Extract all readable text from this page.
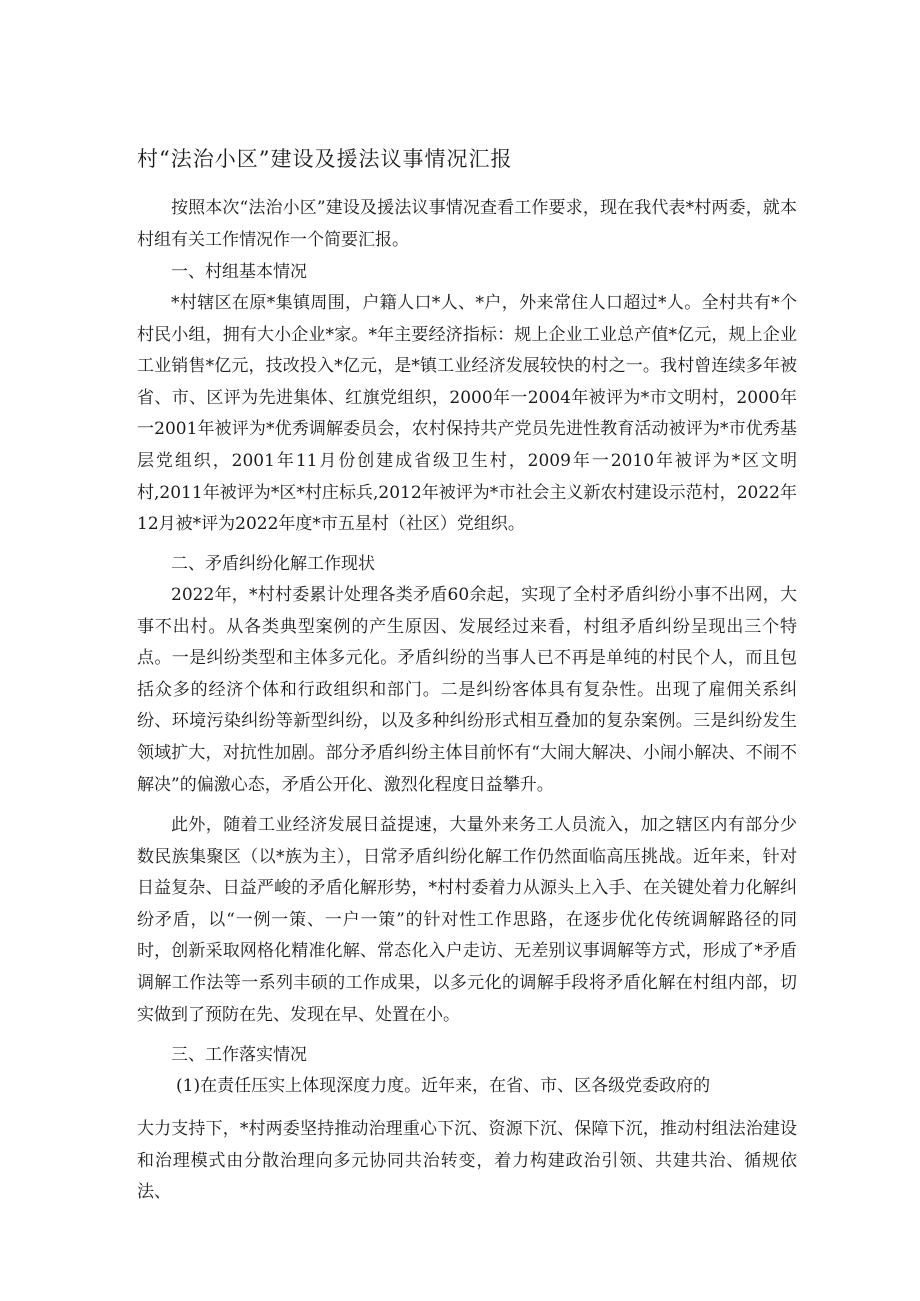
村“法治小区”建设及援法议事情况汇报

按照本次“法治小区”建设及援法议事情况查看工作要求，现在我代表*村两委，就本村组有关工作情况作一个简要汇报。

一、村组基本情况

*村辖区在原*集镇周围，户籍人口*人、*户，外来常住人口超过*人。全村共有*个村民小组，拥有大小企业*家。*年主要经济指标：规上企业工业总产值*亿元，规上企业工业销售*亿元，技改投入*亿元，是*镇工业经济发展较快的村之一。我村曾连续多年被省、市、区评为先进集体、红旗党组织，2000年一2004年被评为*市文明村，2000年一2001年被评为*优秀调解委员会，农村保持共产党员先进性教育活动被评为*市优秀基层党组织，2001年11月份创建成省级卫生村，2009年一2010年被评为*区文明村,2011年被评为*区*村庄标兵,2012年被评为*市社会主义新农村建设示范村，2022年12月被*评为2022年度*市五星村（社区）党组织。

二、矛盾纠纷化解工作现状

2022年，*村村委累计处理各类矛盾60余起，实现了全村矛盾纠纷小事不出网，大事不出村。从各类典型案例的产生原因、发展经过来看，村组矛盾纠纷呈现出三个特点。一是纠纷类型和主体多元化。矛盾纠纷的当事人已不再是单纯的村民个人，而且包括众多的经济个体和行政组织和部门。二是纠纷客体具有复杂性。出现了雇佣关系纠纷、环境污染纠纷等新型纠纷，以及多种纠纷形式相互叠加的复杂案例。三是纠纷发生领域扩大，对抗性加剧。部分矛盾纠纷主体目前怀有“大闹大解决、小闹小解决、不闹不解决”的偏激心态，矛盾公开化、激烈化程度日益攀升。

此外，随着工业经济发展日益提速，大量外来务工人员流入，加之辖区内有部分少数民族集聚区（以*族为主），日常矛盾纠纷化解工作仍然面临高压挑战。近年来，针对日益复杂、日益严峻的矛盾化解形势，*村村委着力从源头上入手、在关键处着力化解纠纷矛盾，以“一例一策、一户一策”的针对性工作思路，在逐步优化传统调解路径的同时，创新采取网格化精准化解、常态化入户走访、无差别议事调解等方式，形成了*矛盾调解工作法等一系列丰硕的工作成果，以多元化的调解手段将矛盾化解在村组内部，切实做到了预防在先、发现在早、处置在小。

三、工作落实情况
(1)在责任压实上体现深度力度。近年来，在省、市、区各级党委政府的

大力支持下，*村两委坚持推动治理重心下沉、资源下沉、保障下沉，推动村组法治建设和治理模式由分散治理向多元协同共治转变，着力构建政治引领、共建共治、循规依法、
